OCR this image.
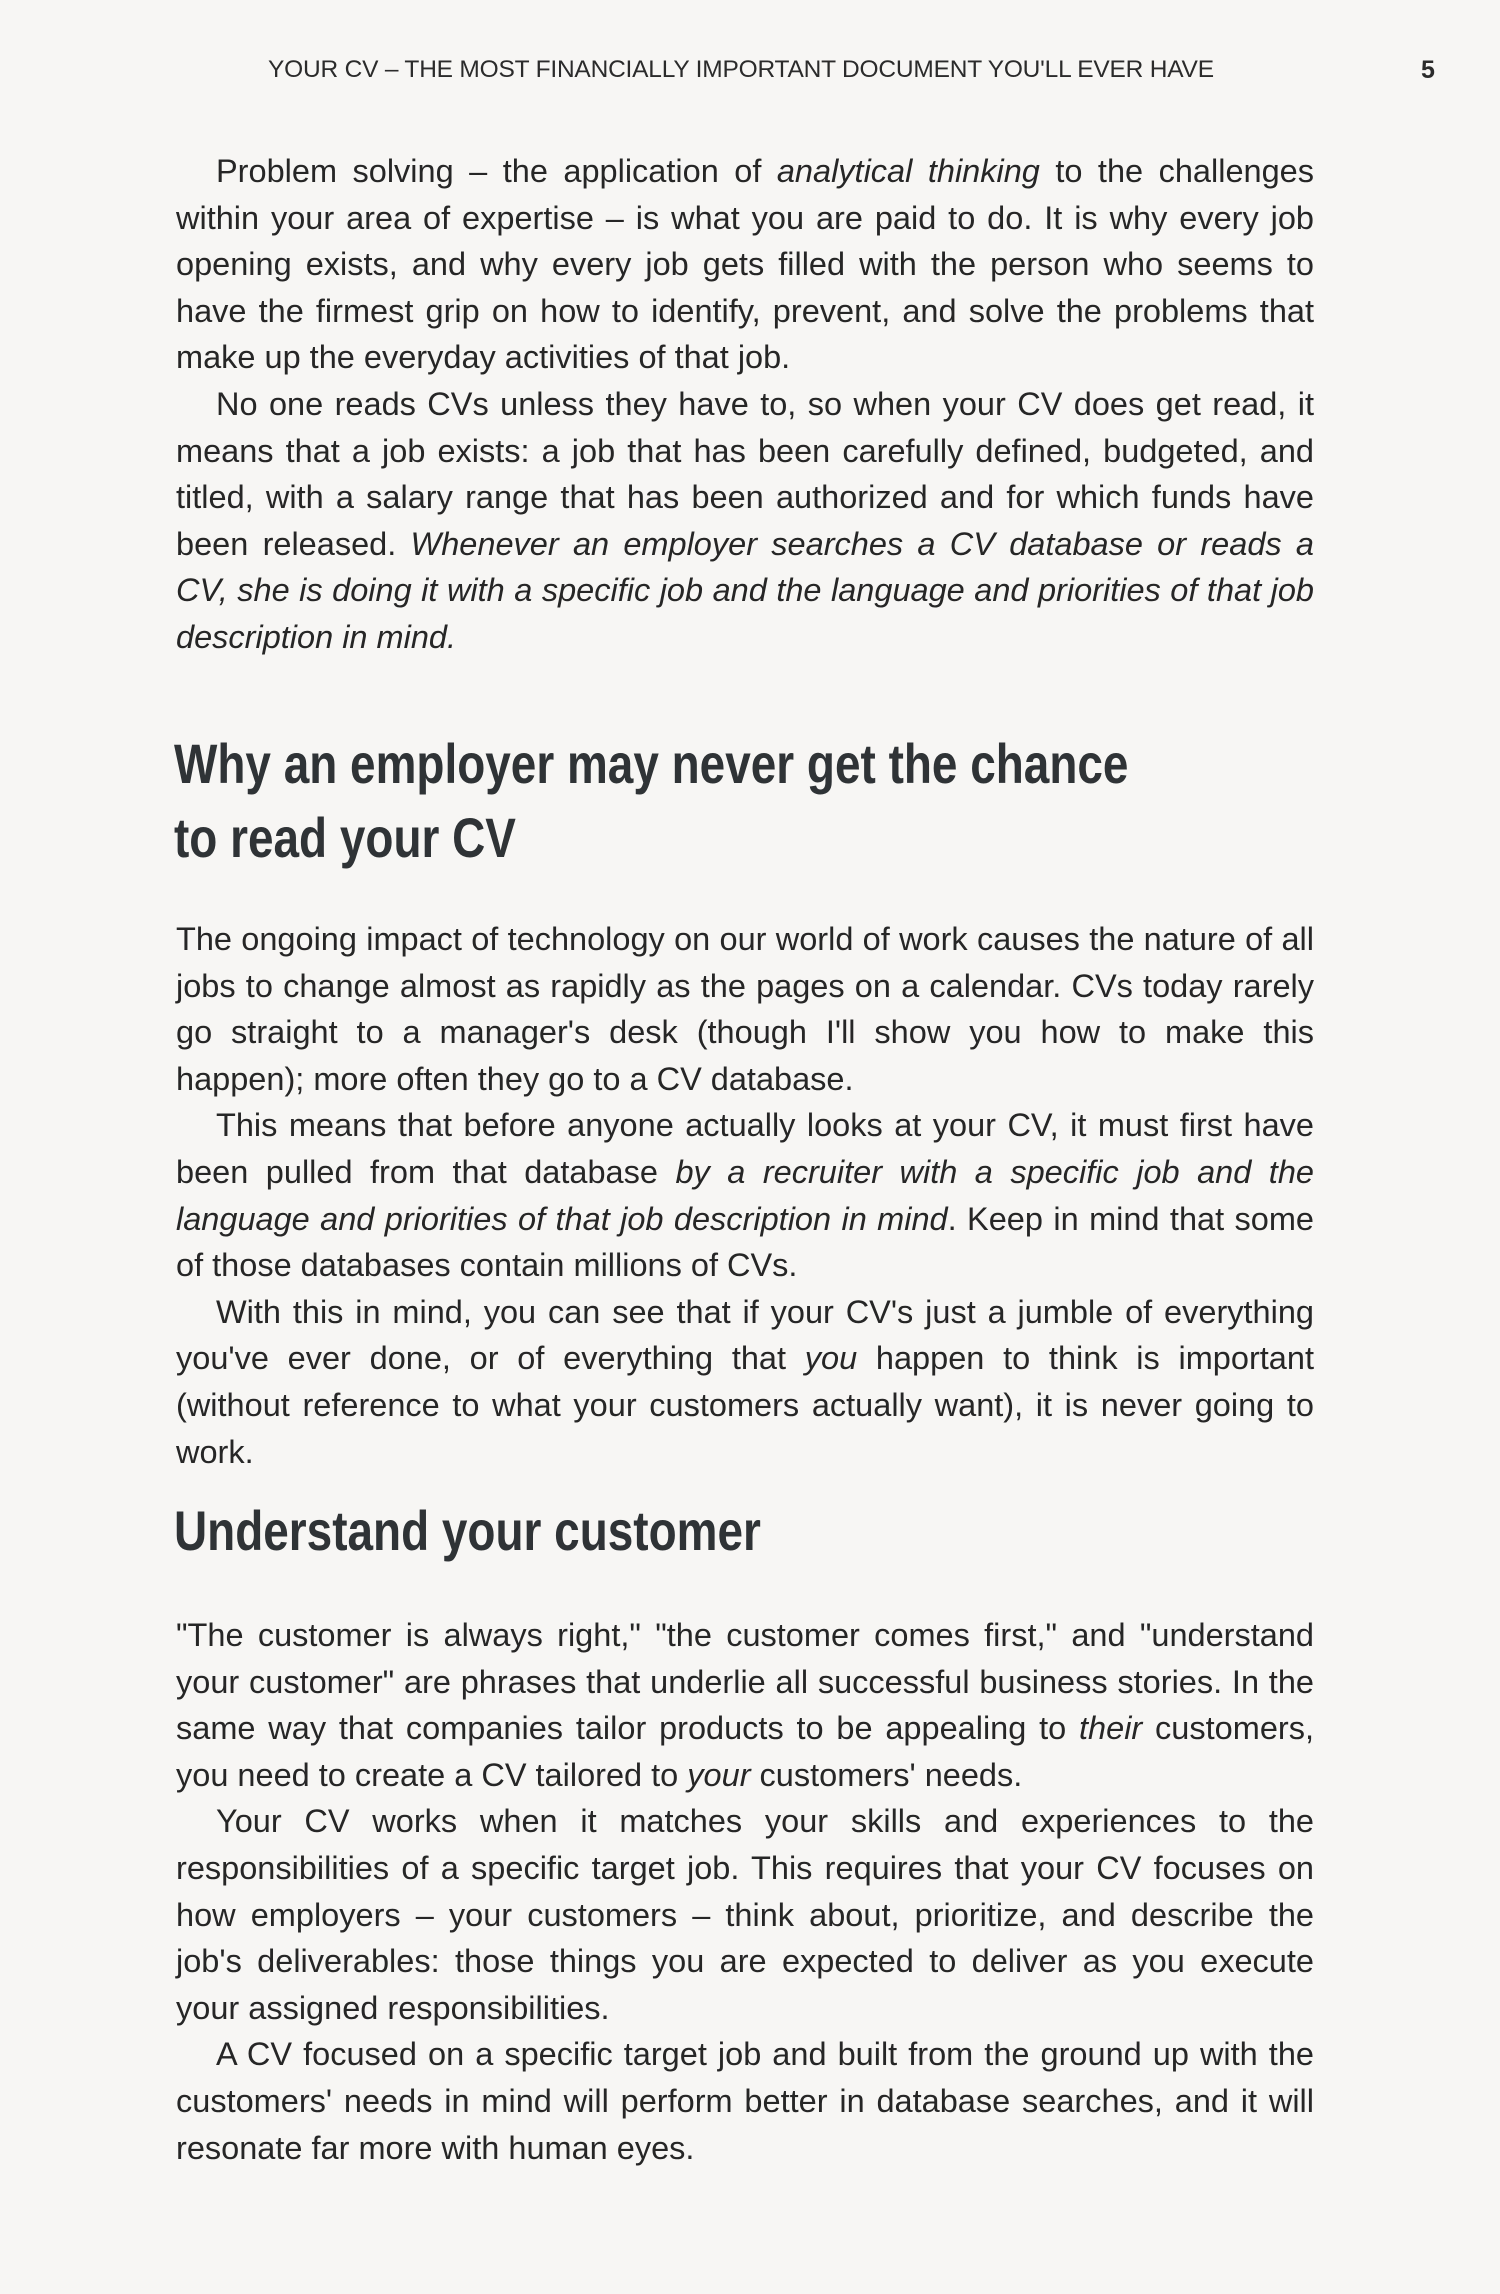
YOUR CV – THE MOST FINANCIALLY IMPORTANT DOCUMENT YOU'LL EVER HAVE	5

Problem solving – the application of analytical thinking to the challenges within your area of expertise – is what you are paid to do. It is why every job opening exists, and why every job gets filled with the person who seems to have the firmest grip on how to identify, prevent, and solve the problems that make up the everyday activities of that job.

No one reads CVs unless they have to, so when your CV does get read, it means that a job exists: a job that has been carefully defined, budgeted, and titled, with a salary range that has been authorized and for which funds have been released. Whenever an employer searches a CV database or reads a CV, she is doing it with a specific job and the language and priorities of that job description in mind.

Why an employer may never get the chance
to read your CV

The ongoing impact of technology on our world of work causes the nature of all jobs to change almost as rapidly as the pages on a calendar. CVs today rarely go straight to a manager's desk (though I'll show you how to make this happen); more often they go to a CV database.

This means that before anyone actually looks at your CV, it must first have been pulled from that database by a recruiter with a specific job and the language and priorities of that job description in mind. Keep in mind that some of those databases contain millions of CVs.

With this in mind, you can see that if your CV's just a jumble of everything you've ever done, or of everything that you happen to think is important (without reference to what your customers actually want), it is never going to work.

Understand your customer

"The customer is always right," "the customer comes first," and "understand your customer" are phrases that underlie all successful business stories. In the same way that companies tailor products to be appealing to their customers, you need to create a CV tailored to your customers' needs.

Your CV works when it matches your skills and experiences to the responsibilities of a specific target job. This requires that your CV focuses on how employers – your customers – think about, prioritize, and describe the job's deliverables: those things you are expected to deliver as you execute your assigned responsibilities.

A CV focused on a specific target job and built from the ground up with the customers' needs in mind will perform better in database searches, and it will resonate far more with human eyes.
